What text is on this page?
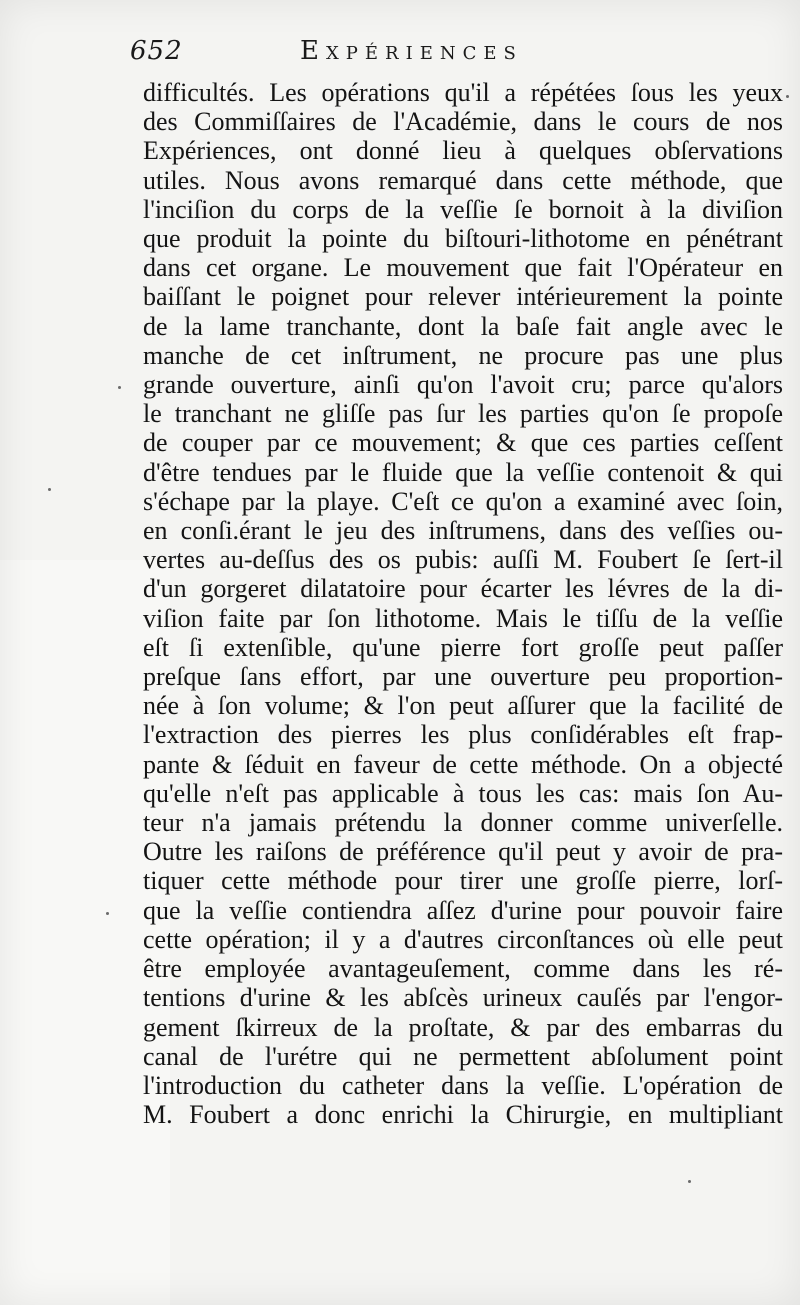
652	Expériences
difficultés. Les opérations qu'il a répétées ſous les yeux
des Commiſſaires de l'Académie, dans le cours de nos
Expériences, ont donné lieu à quelques obſervations
utiles. Nous avons remarqué dans cette méthode, que
l'inciſion du corps de la veſſie ſe bornoit à la diviſion
que produit la pointe du biſtouri-lithotome en pénétrant
dans cet organe. Le mouvement que fait l'Opérateur en
baiſſant le poignet pour relever intérieurement la pointe
de la lame tranchante, dont la baſe fait angle avec le
manche de cet inſtrument, ne procure pas une plus
grande ouverture, ainſi qu'on l'avoit cru; parce qu'alors
le tranchant ne gliſſe pas ſur les parties qu'on ſe propoſe
de couper par ce mouvement; & que ces parties ceſſent
d'être tendues par le fluide que la veſſie contenoit & qui
s'échape par la playe. C'eſt ce qu'on a examiné avec ſoin,
en conſi.érant le jeu des inſtrumens, dans des veſſies ou-
vertes au-deſſus des os pubis: auſſi M. Foubert ſe ſert-il
d'un gorgeret dilatatoire pour écarter les lévres de la di-
viſion faite par ſon lithotome. Mais le tiſſu de la veſſie
eſt ſi extenſible, qu'une pierre fort groſſe peut paſſer
preſque ſans effort, par une ouverture peu proportion-
née à ſon volume; & l'on peut aſſurer que la facilité de
l'extraction des pierres les plus conſidérables eſt frap-
pante & ſéduit en faveur de cette méthode. On a objecté
qu'elle n'eſt pas applicable à tous les cas: mais ſon Au-
teur n'a jamais prétendu la donner comme univerſelle.
Outre les raiſons de préférence qu'il peut y avoir de pra-
tiquer cette méthode pour tirer une groſſe pierre, lorſ-
que la veſſie contiendra aſſez d'urine pour pouvoir faire
cette opération; il y a d'autres circonſtances où elle peut
être employée avantageuſement, comme dans les ré-
tentions d'urine & les abſcès urineux cauſés par l'engor-
gement ſkirreux de la proſtate, & par des embarras du
canal de l'urétre qui ne permettent abſolument point
l'introduction du catheter dans la veſſie. L'opération de
M. Foubert a donc enrichi la Chirurgie, en multipliant
